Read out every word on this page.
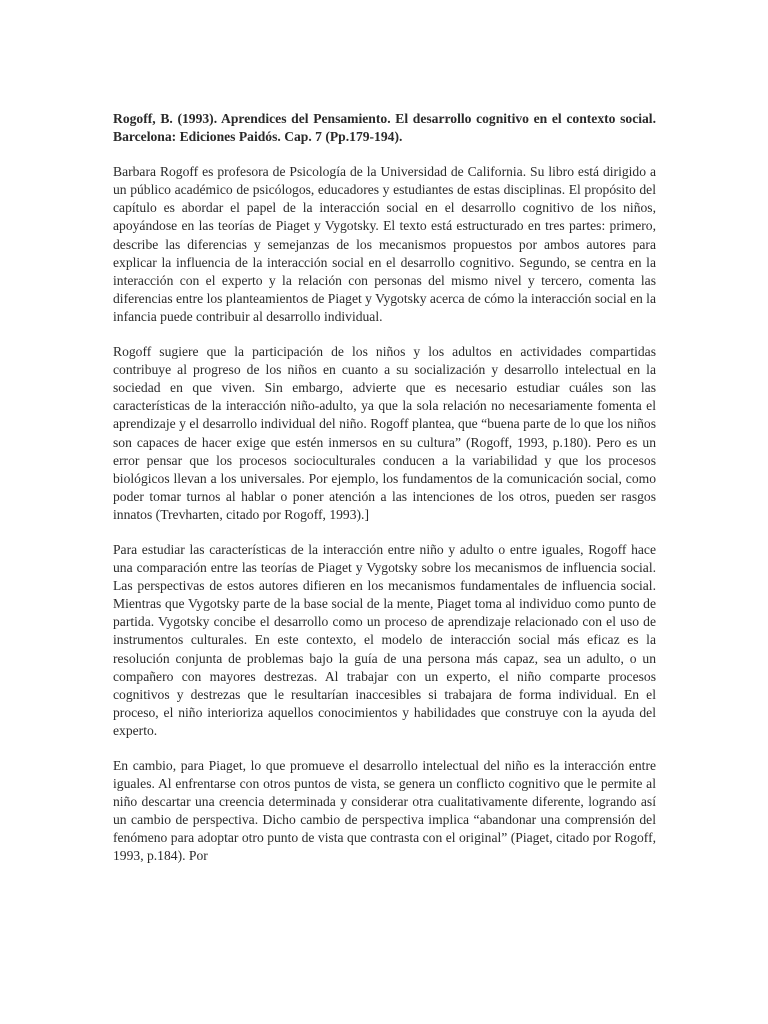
Rogoff, B. (1993). Aprendices del Pensamiento. El desarrollo cognitivo en el contexto social. Barcelona: Ediciones Paidós. Cap. 7 (Pp.179-194).

Barbara Rogoff es profesora de Psicología de la Universidad de California. Su libro está dirigido a un público académico de psicólogos, educadores y estudiantes de estas disciplinas. El propósito del capítulo es abordar el papel de la interacción social en el desarrollo cognitivo de los niños, apoyándose en las teorías de Piaget y Vygotsky. El texto está estructurado en tres partes: primero, describe las diferencias y semejanzas de los mecanismos propuestos por ambos autores para explicar la influencia de la interacción social en el desarrollo cognitivo. Segundo, se centra en la interacción con el experto y la relación con personas del mismo nivel y tercero, comenta las diferencias entre los planteamientos de Piaget y Vygotsky acerca de cómo la interacción social en la infancia puede contribuir al desarrollo individual.

Rogoff sugiere que la participación de los niños y los adultos en actividades compartidas contribuye al progreso de los niños en cuanto a su socialización y desarrollo intelectual en la sociedad en que viven. Sin embargo, advierte que es necesario estudiar cuáles son las características de la interacción niño-adulto, ya que la sola relación no necesariamente fomenta el aprendizaje y el desarrollo individual del niño. Rogoff plantea, que “buena parte de lo que los niños son capaces de hacer exige que estén inmersos en su cultura” (Rogoff, 1993, p.180). Pero es un error pensar que los procesos socioculturales conducen a la variabilidad y que los procesos biológicos llevan a los universales. Por ejemplo, los fundamentos de la comunicación social, como poder tomar turnos al hablar o poner atención a las intenciones de los otros, pueden ser rasgos innatos (Trevharten, citado por Rogoff, 1993).]

Para estudiar las características de la interacción entre niño y adulto o entre iguales, Rogoff hace una comparación entre las teorías de Piaget y Vygotsky sobre los mecanismos de influencia social. Las perspectivas de estos autores difieren en los mecanismos fundamentales de influencia social. Mientras que Vygotsky parte de la base social de la mente, Piaget toma al individuo como punto de partida. Vygotsky concibe el desarrollo como un proceso de aprendizaje relacionado con el uso de instrumentos culturales. En este contexto, el modelo de interacción social más eficaz es la resolución conjunta de problemas bajo la guía de una persona más capaz, sea un adulto, o un compañero con mayores destrezas. Al trabajar con un experto, el niño comparte procesos cognitivos y destrezas que le resultarían inaccesibles si trabajara de forma individual. En el proceso, el niño interioriza aquellos conocimientos y habilidades que construye con la ayuda del experto.

En cambio, para Piaget, lo que promueve el desarrollo intelectual del niño es la interacción entre iguales. Al enfrentarse con otros puntos de vista, se genera un conflicto cognitivo que le permite al niño descartar una creencia determinada y considerar otra cualitativamente diferente, logrando así un cambio de perspectiva. Dicho cambio de perspectiva implica “abandonar una comprensión del fenómeno para adoptar otro punto de vista que contrasta con el original” (Piaget, citado por Rogoff, 1993, p.184). Por
